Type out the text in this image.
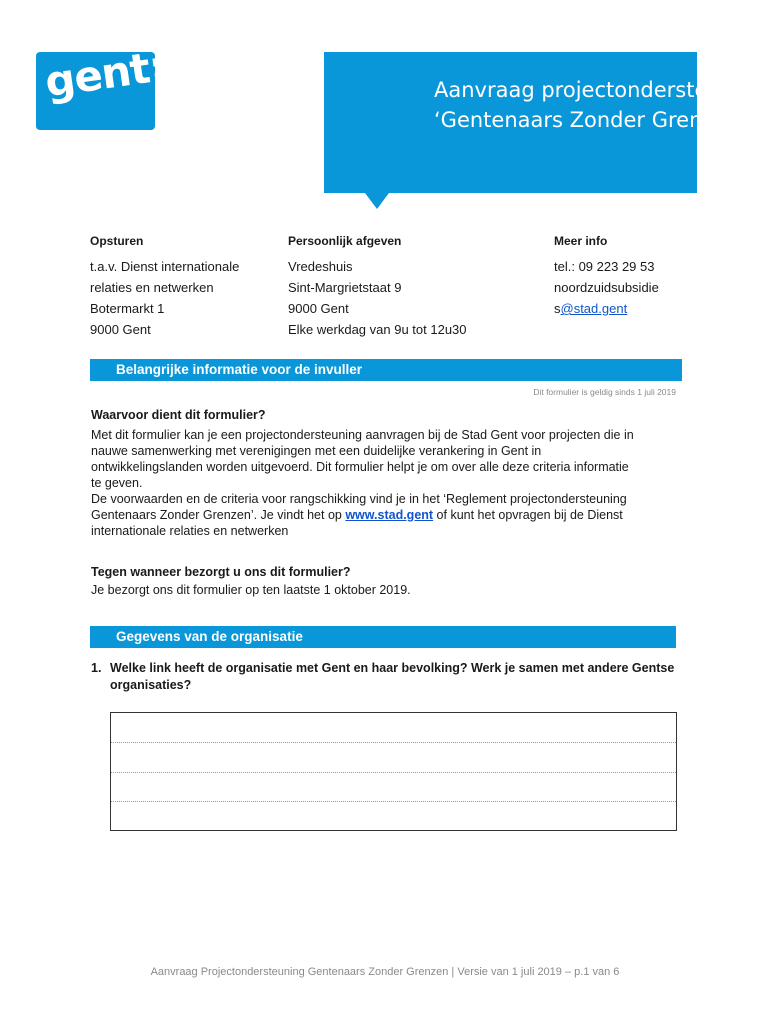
gent:	Aanvraag projectonderste
‘Gentenaars Zonder Gren
Opsturen
t.a.v. Dienst internationale
relaties en netwerken
Botermarkt 1
9000 Gent
Persoonlijk afgeven
Vredeshuis
Sint-Margrietstaat 9
9000 Gent
Elke werkdag van 9u tot 12u30
Meer info
tel.: 09 223 29 53
noordzuidsubsidie
s@stad.gent
Belangrijke informatie voor de invuller
Dit formulier is geldig sinds 1 juli 2019
Waarvoor dient dit formulier?
Met dit formulier kan je een projectondersteuning aanvragen bij de Stad Gent voor projecten die in
nauwe samenwerking met verenigingen met een duidelijke verankering in Gent in
ontwikkelingslanden worden uitgevoerd. Dit formulier helpt je om over alle deze criteria informatie
te geven.
De voorwaarden en de criteria voor rangschikking vind je in het ‘Reglement projectondersteuning
Gentenaars Zonder Grenzen’. Je vindt het op www.stad.gent of kunt het opvragen bij de Dienst
internationale relaties en netwerken
Tegen wanneer bezorgt u ons dit formulier?
Je bezorgt ons dit formulier op ten laatste 1 oktober 2019.
Gegevens van de organisatie
1. Welke link heeft de organisatie met Gent en haar bevolking? Werk je samen met andere Gentse organisaties?
Aanvraag Projectondersteuning Gentenaars Zonder Grenzen | Versie van 1 juli 2019 – p.1 van 6
